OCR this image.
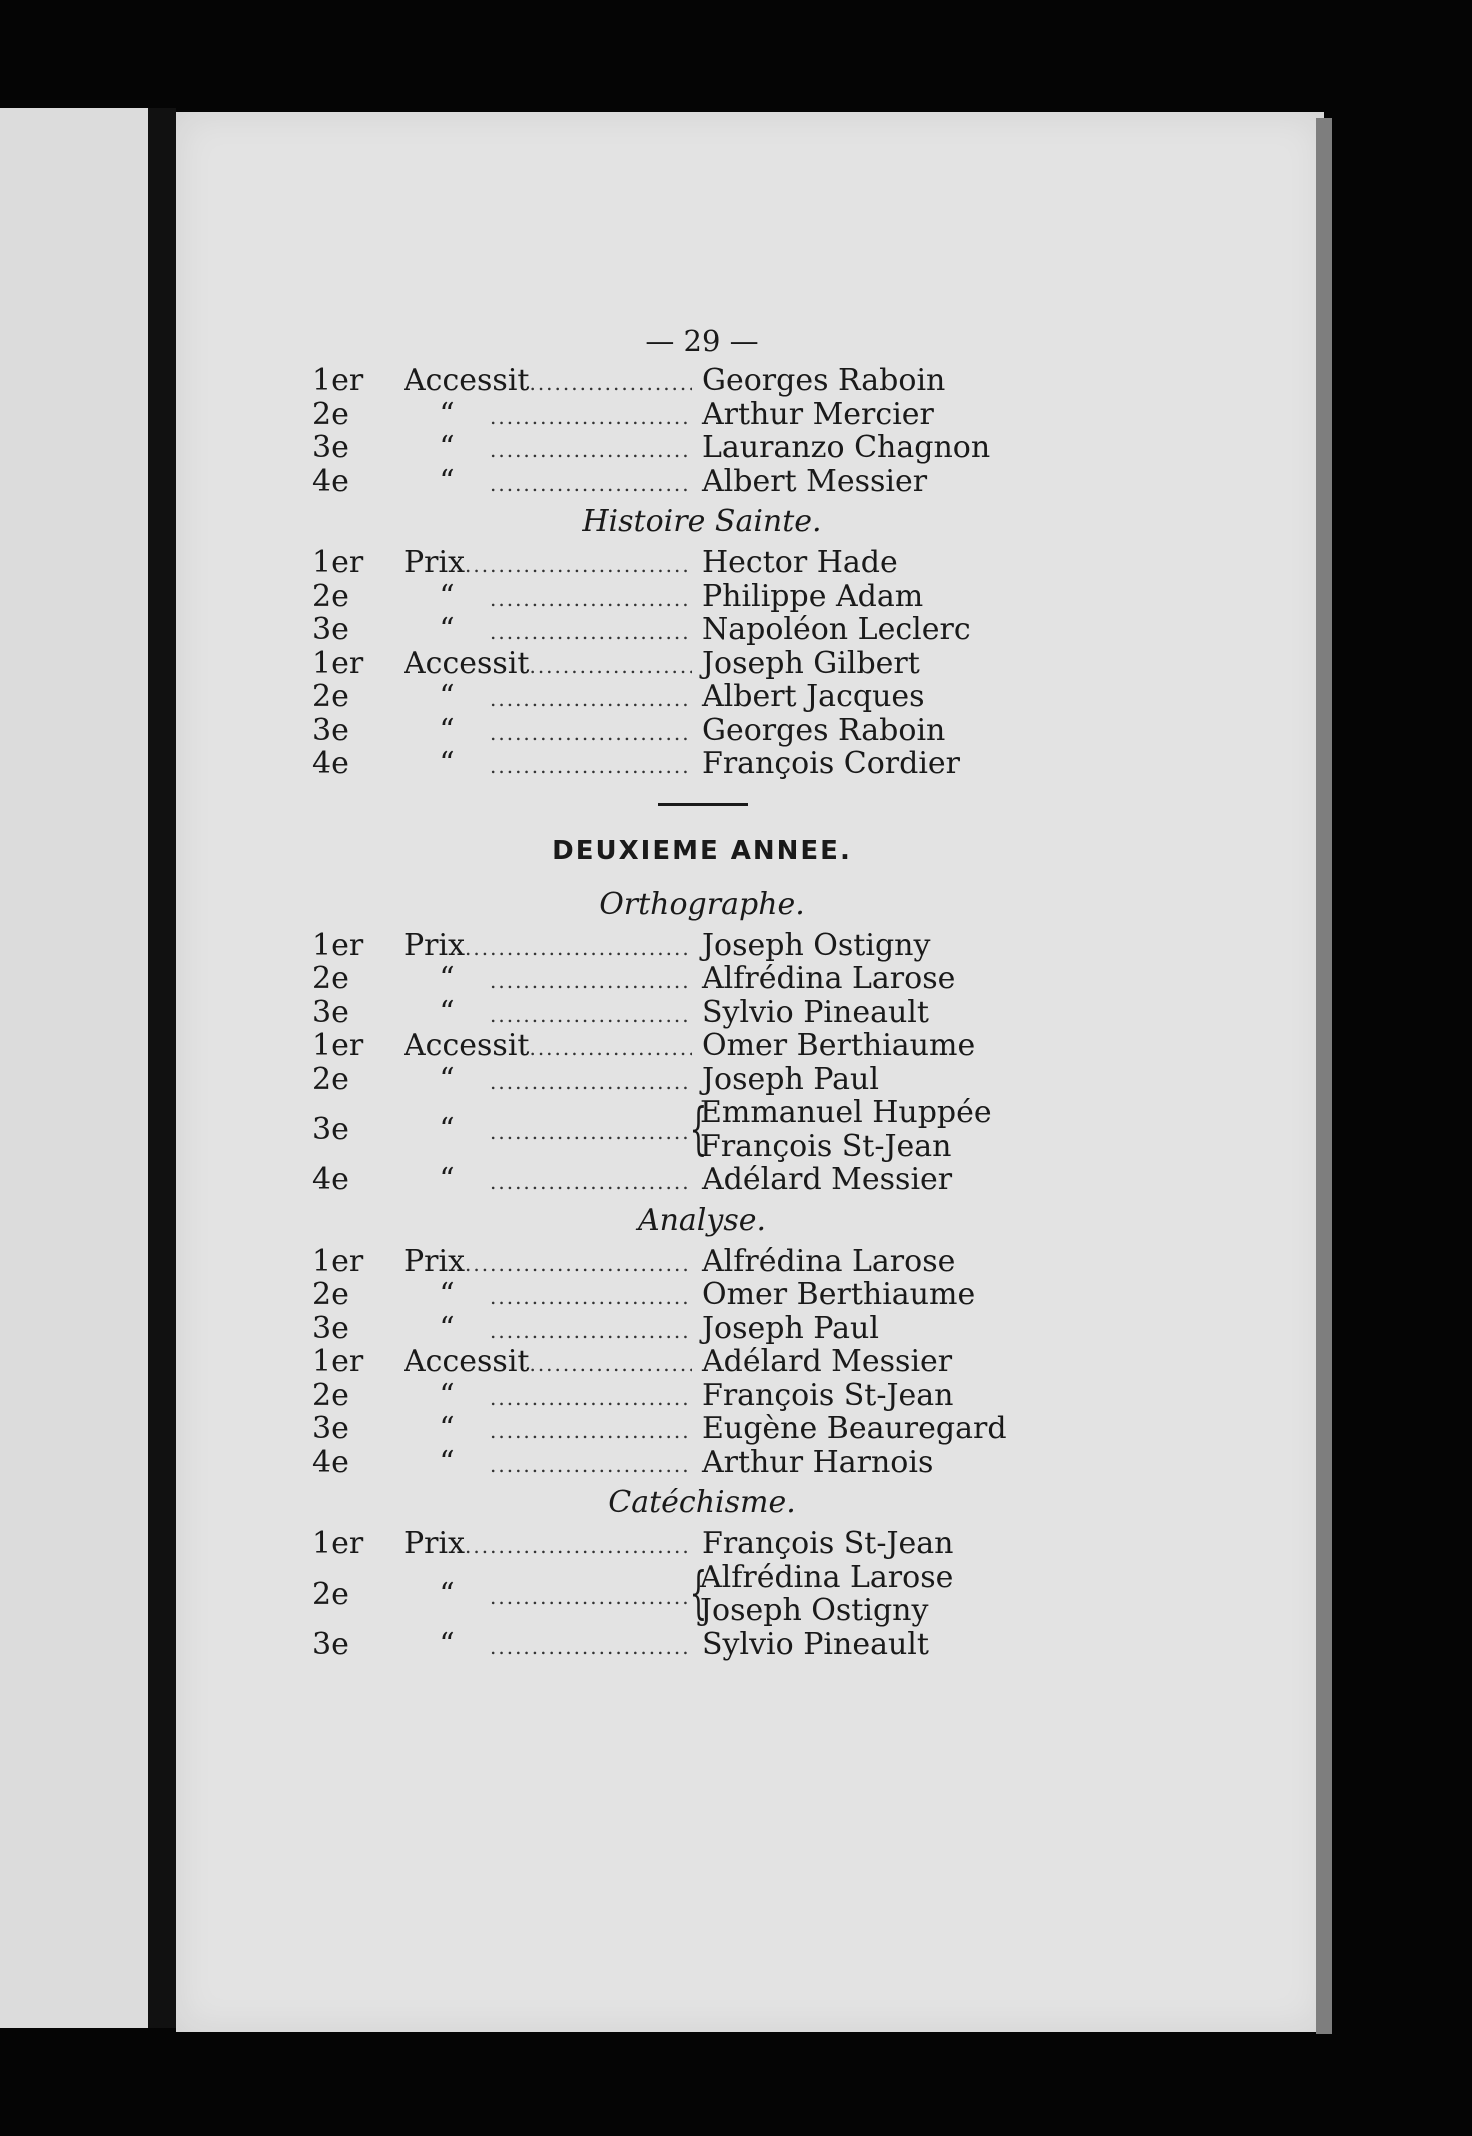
— 29 —
1er	Accessit .....	Georges Raboin
2e	“ .....	Arthur Mercier
3e	“ .....	Lauranzo Chagnon
4e	“ .....	Albert Messier
Histoire Sainte.
1er	Prix .....	Hector Hade
2e	“ .....	Philippe Adam
3e	“ .....	Napoléon Leclerc
1er	Accessit .....	Joseph Gilbert
2e	“ .....	Albert Jacques
3e	“ .....	Georges Raboin
4e	“ .....	François Cordier
DEUXIEME ANNEE.
Orthographe.
1er	Prix .....	Joseph Ostigny
2e	“ .....	Alfrédina Larose
3e	“ .....	Sylvio Pineault
1er	Accessit .....	Omer Berthiaume
2e	“ .....	Joseph Paul
3e	“ .....	{
Emmanuel Huppée
François St-Jean
4e	“ .....	Adélard Messier
Analyse.
1er	Prix .....	Alfrédina Larose
2e	“ .....	Omer Berthiaume
3e	“ .....	Joseph Paul
1er	Accessit .....	Adélard Messier
2e	“ .....	François St-Jean
3e	“ .....	Eugène Beauregard
4e	“ .....	Arthur Harnois
Catéchisme.
1er	Prix .....	François St-Jean
2e	“ .....	{
Alfrédina Larose
Joseph Ostigny
3e	“ .....	Sylvio Pineault
